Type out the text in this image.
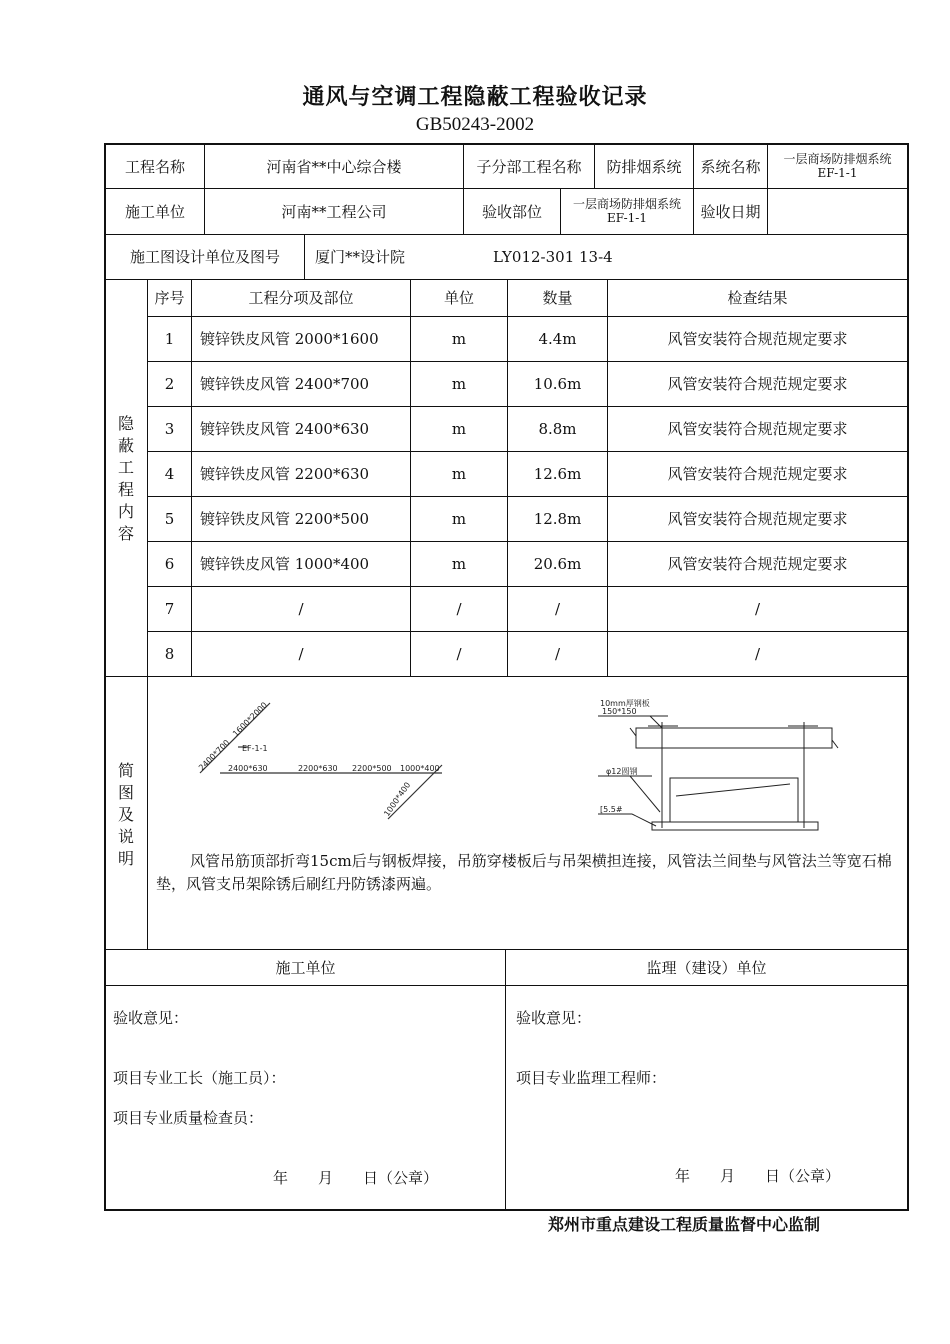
通风与空调工程隐蔽工程验收记录
GB50243-2002
工程名称	河南省**中心综合楼	子分部工程名称	防排烟系统	系统名称	一层商场防排烟系统
EF-1-1
施工单位	河南**工程公司	验收部位	一层商场防排烟系统
EF-1-1	验收日期
施工图设计单位及图号	厦门**设计院	LY012-301 13-4
隐
蔽
工
程
内
容
序号	工程分项及部位	单位	数量	检查结果
1	镀锌铁皮风管 2000*1600	m	4.4m	风管安装符合规范规定要求
2	镀锌铁皮风管 2400*700	m	10.6m	风管安装符合规范规定要求
3	镀锌铁皮风管 2400*630	m	8.8m	风管安装符合规范规定要求
4	镀锌铁皮风管 2200*630	m	12.6m	风管安装符合规范规定要求
5	镀锌铁皮风管 2200*500	m	12.8m	风管安装符合规范规定要求
6	镀锌铁皮风管 1000*400	m	20.6m	风管安装符合规范规定要求
7	/	/	/	/
8	/	/	/	/
简
图
及
说
明
2400*700
1600*2000
EF-1-1
2400*630	2200*630 2200*500 1000*400
1000*400
10mm厚钢板
150*150
φ12圆钢
[5.5#
风管吊筋顶部折弯15cm后与钢板焊接，吊筋穿楼板后与吊架横担连接，风管法兰间垫与风管法兰等宽石棉垫，风管支吊架除锈后刷红丹防锈漆两遍。
施工单位	监理（建设）单位
验收意见：
项目专业工长（施工员）：
项目专业质量检查员：
年　　月　　日（公章）
验收意见：
项目专业监理工程师：
年　　月　　日（公章）
郑州市重点建设工程质量监督中心监制
